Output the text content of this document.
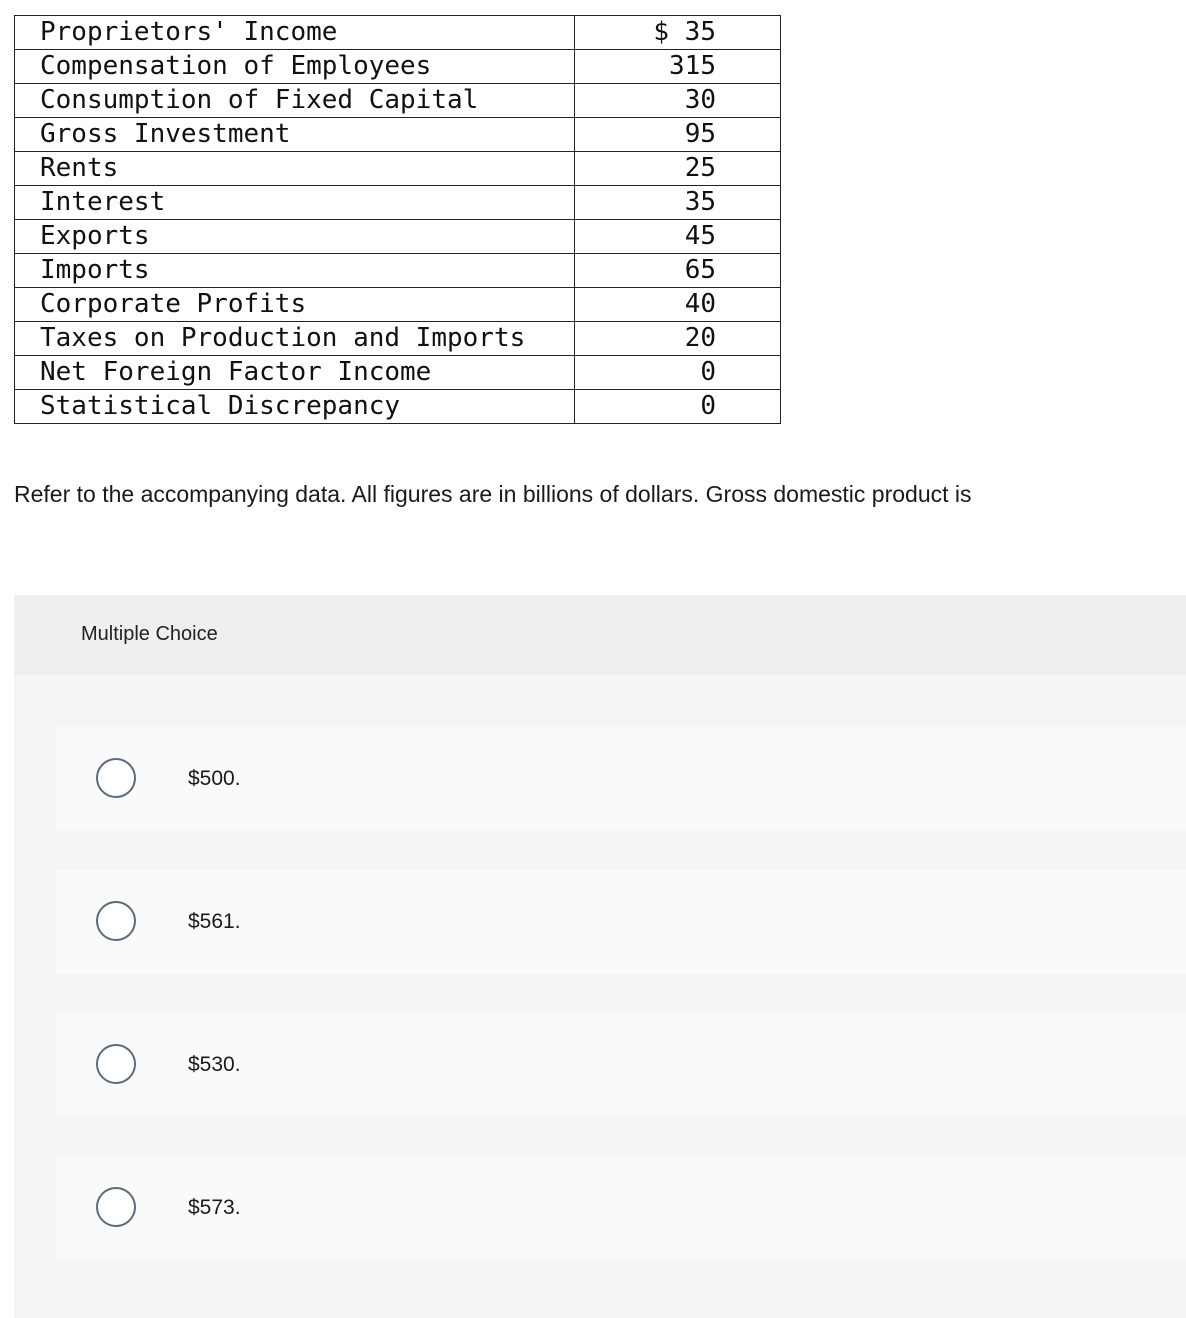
Proprietors' Income	$ 35
Compensation of Employees	315
Consumption of Fixed Capital	30
Gross Investment	95
Rents	25
Interest	35
Exports	45
Imports	65
Corporate Profits	40
Taxes on Production and Imports	20
Net Foreign Factor Income	0
Statistical Discrepancy	0
Refer to the accompanying data. All figures are in billions of dollars. Gross domestic product is
Multiple Choice
$500.
$561.
$530.
$573.
